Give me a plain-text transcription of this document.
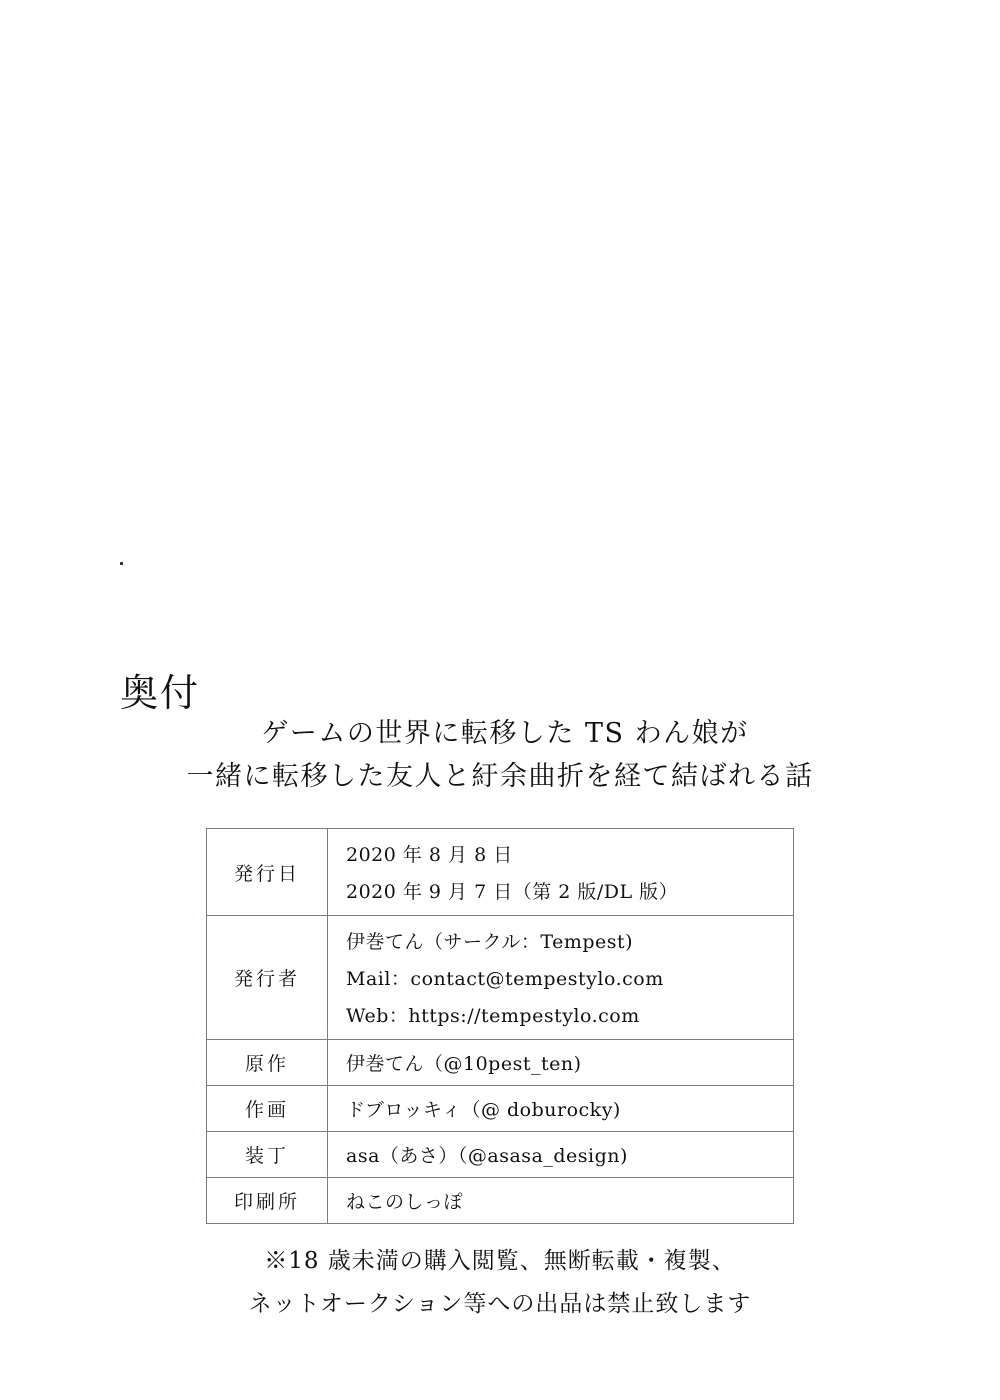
奥付
ゲームの世界に転移した TS わん娘が
一緒に転移した友人と紆余曲折を経て結ばれる話
発行日	2020 年 8 月 8 日
2020 年 9 月 7 日（第 2 版/DL 版）

発行者	伊巻てん（サークル：Tempest)
Mail：contact@tempestylo.com
Web：https://tempestylo.com

原作	伊巻てん（@10pest_ten)

作画	ドブロッキィ（@ doburocky)

装丁	asa（あさ）（@asasa_design)

印刷所	ねこのしっぽ
※18 歳未満の購入閲覧、無断転載・複製、
ネットオークション等への出品は禁止致します
